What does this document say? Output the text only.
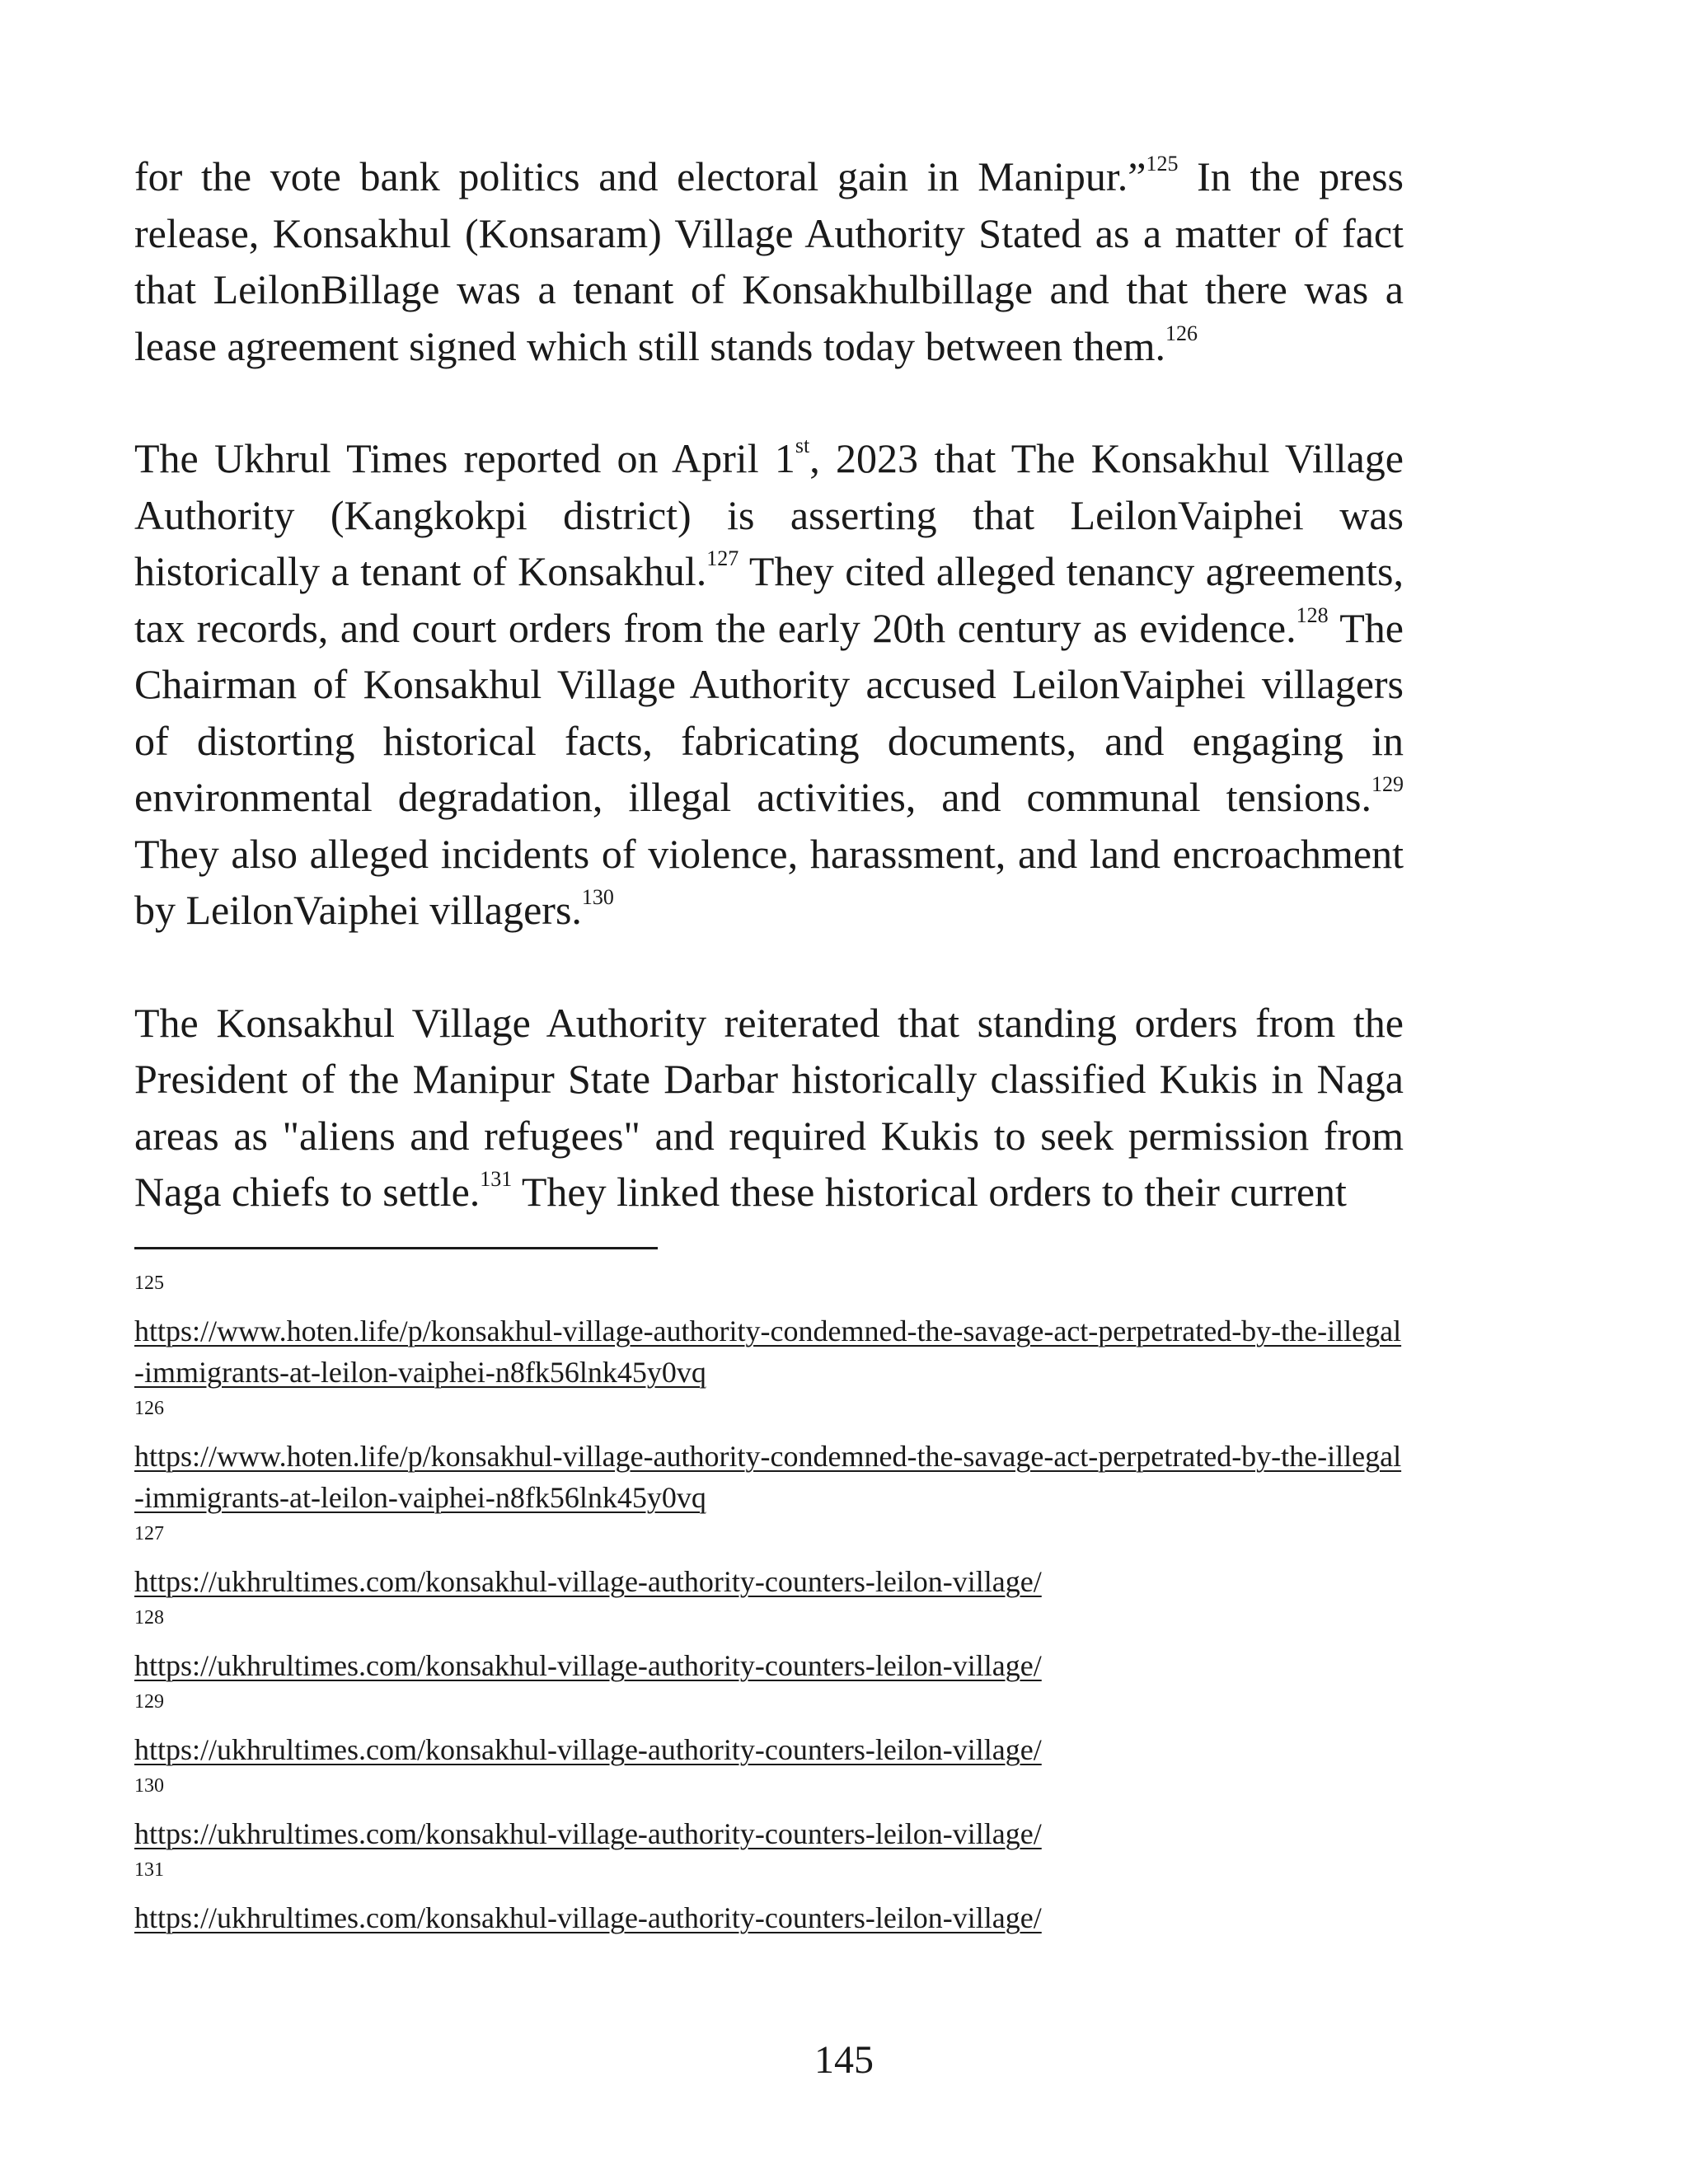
for the vote bank politics and electoral gain in Manipur.”$^{125}$ In the press release, Konsakhul (Konsaram) Village Authority Stated as a matter of fact that LeilonBillage was a tenant of Konsakhulbillage and that there was a lease agreement signed which still stands today between them.$^{126}$

The Ukhrul Times reported on April 1st, 2023 that The Konsakhul Village Authority (Kangkokpi district) is asserting that LeilonVaiphei was historically a tenant of Konsakhul.$^{127}$ They cited alleged tenancy agreements, tax records, and court orders from the early 20th century as evidence.$^{128}$ The Chairman of Konsakhul Village Authority accused LeilonVaiphei villagers of distorting historical facts, fabricating documents, and engaging in environmental degradation, illegal activities, and communal tensions.$^{129}$ They also alleged incidents of violence, harassment, and land encroachment by LeilonVaiphei villagers.$^{130}$

The Konsakhul Village Authority reiterated that standing orders from the President of the Manipur State Darbar historically classified Kukis in Naga areas as "aliens and refugees" and required Kukis to seek permission from Naga chiefs to settle.$^{131}$ They linked these historical orders to their current

125
https://www.hoten.life/p/konsakhul-village-authority-condemned-the-savage-act-perpetrated-by-the-illegal-immigrants-at-leilon-vaiphei-n8fk56lnk45y0vq
126
https://www.hoten.life/p/konsakhul-village-authority-condemned-the-savage-act-perpetrated-by-the-illegal-immigrants-at-leilon-vaiphei-n8fk56lnk45y0vq
127
https://ukhrultimes.com/konsakhul-village-authority-counters-leilon-village/
128
https://ukhrultimes.com/konsakhul-village-authority-counters-leilon-village/
129
https://ukhrultimes.com/konsakhul-village-authority-counters-leilon-village/
130
https://ukhrultimes.com/konsakhul-village-authority-counters-leilon-village/
131
https://ukhrultimes.com/konsakhul-village-authority-counters-leilon-village/
145
